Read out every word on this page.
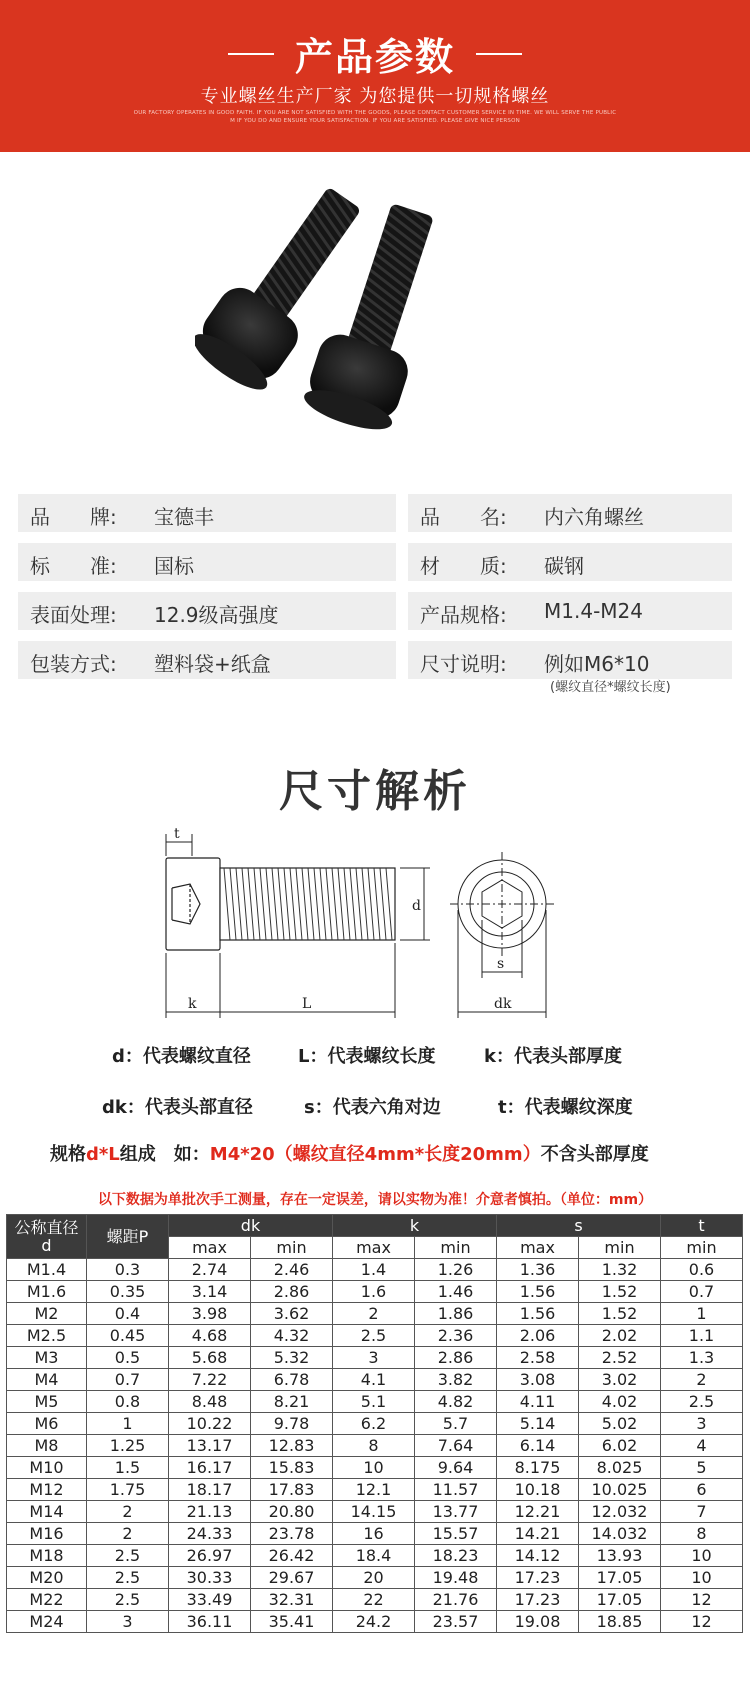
产品参数
专业螺丝生产厂家 为您提供一切规格螺丝
OUR FACTORY OPERATES IN GOOD FAITH. IF YOU ARE NOT SATISFIED WITH THE GOODS, PLEASE CONTACT CUSTOMER SERVICE IN TIME. WE WILL SERVE THE PUBLIC
M IF YOU DO AND ENSURE YOUR SATISFACTION. IF YOU ARE SATISFIED. PLEASE GIVE NICE PERSON
品　　牌: 宝德丰	品　　名: 内六角螺丝
标　　准: 国标	材　　质: 碳钢
表面处理: 12.9级高强度	产品规格: M1.4-M24
包装方式: 塑料袋+纸盒	尺寸说明: 例如M6*10
(螺纹直径*螺纹长度)
尺寸解析
t
d
k	L
s
dk
d：代表螺纹直径	L：代表螺纹长度	k：代表头部厚度
dk：代表头部直径	s：代表六角对边	t：代表螺纹深度
规格d*L组成　如：M4*20（螺纹直径4mm*长度20mm）不含头部厚度
以下数据为单批次手工测量，存在一定误差，请以实物为准！介意者慎拍。（单位：mm）
公称直径
d	螺距P	dk		k		s		t
		max	min	max	min	max	min	min
M1.4	0.3	2.74	2.46	1.4	1.26	1.36	1.32	0.6
M1.6	0.35	3.14	2.86	1.6	1.46	1.56	1.52	0.7
M2	0.4	3.98	3.62	2	1.86	1.56	1.52	1
M2.5	0.45	4.68	4.32	2.5	2.36	2.06	2.02	1.1
M3	0.5	5.68	5.32	3	2.86	2.58	2.52	1.3
M4	0.7	7.22	6.78	4.1	3.82	3.08	3.02	2
M5	0.8	8.48	8.21	5.1	4.82	4.11	4.02	2.5
M6	1	10.22	9.78	6.2	5.7	5.14	5.02	3
M8	1.25	13.17	12.83	8	7.64	6.14	6.02	4
M10	1.5	16.17	15.83	10	9.64	8.175	8.025	5
M12	1.75	18.17	17.83	12.1	11.57	10.18	10.025	6
M14	2	21.13	20.80	14.15	13.77	12.21	12.032	7
M16	2	24.33	23.78	16	15.57	14.21	14.032	8
M18	2.5	26.97	26.42	18.4	18.23	14.12	13.93	10
M20	2.5	30.33	29.67	20	19.48	17.23	17.05	10
M22	2.5	33.49	32.31	22	21.76	17.23	17.05	12
M24	3	36.11	35.41	24.2	23.57	19.08	18.85	12
